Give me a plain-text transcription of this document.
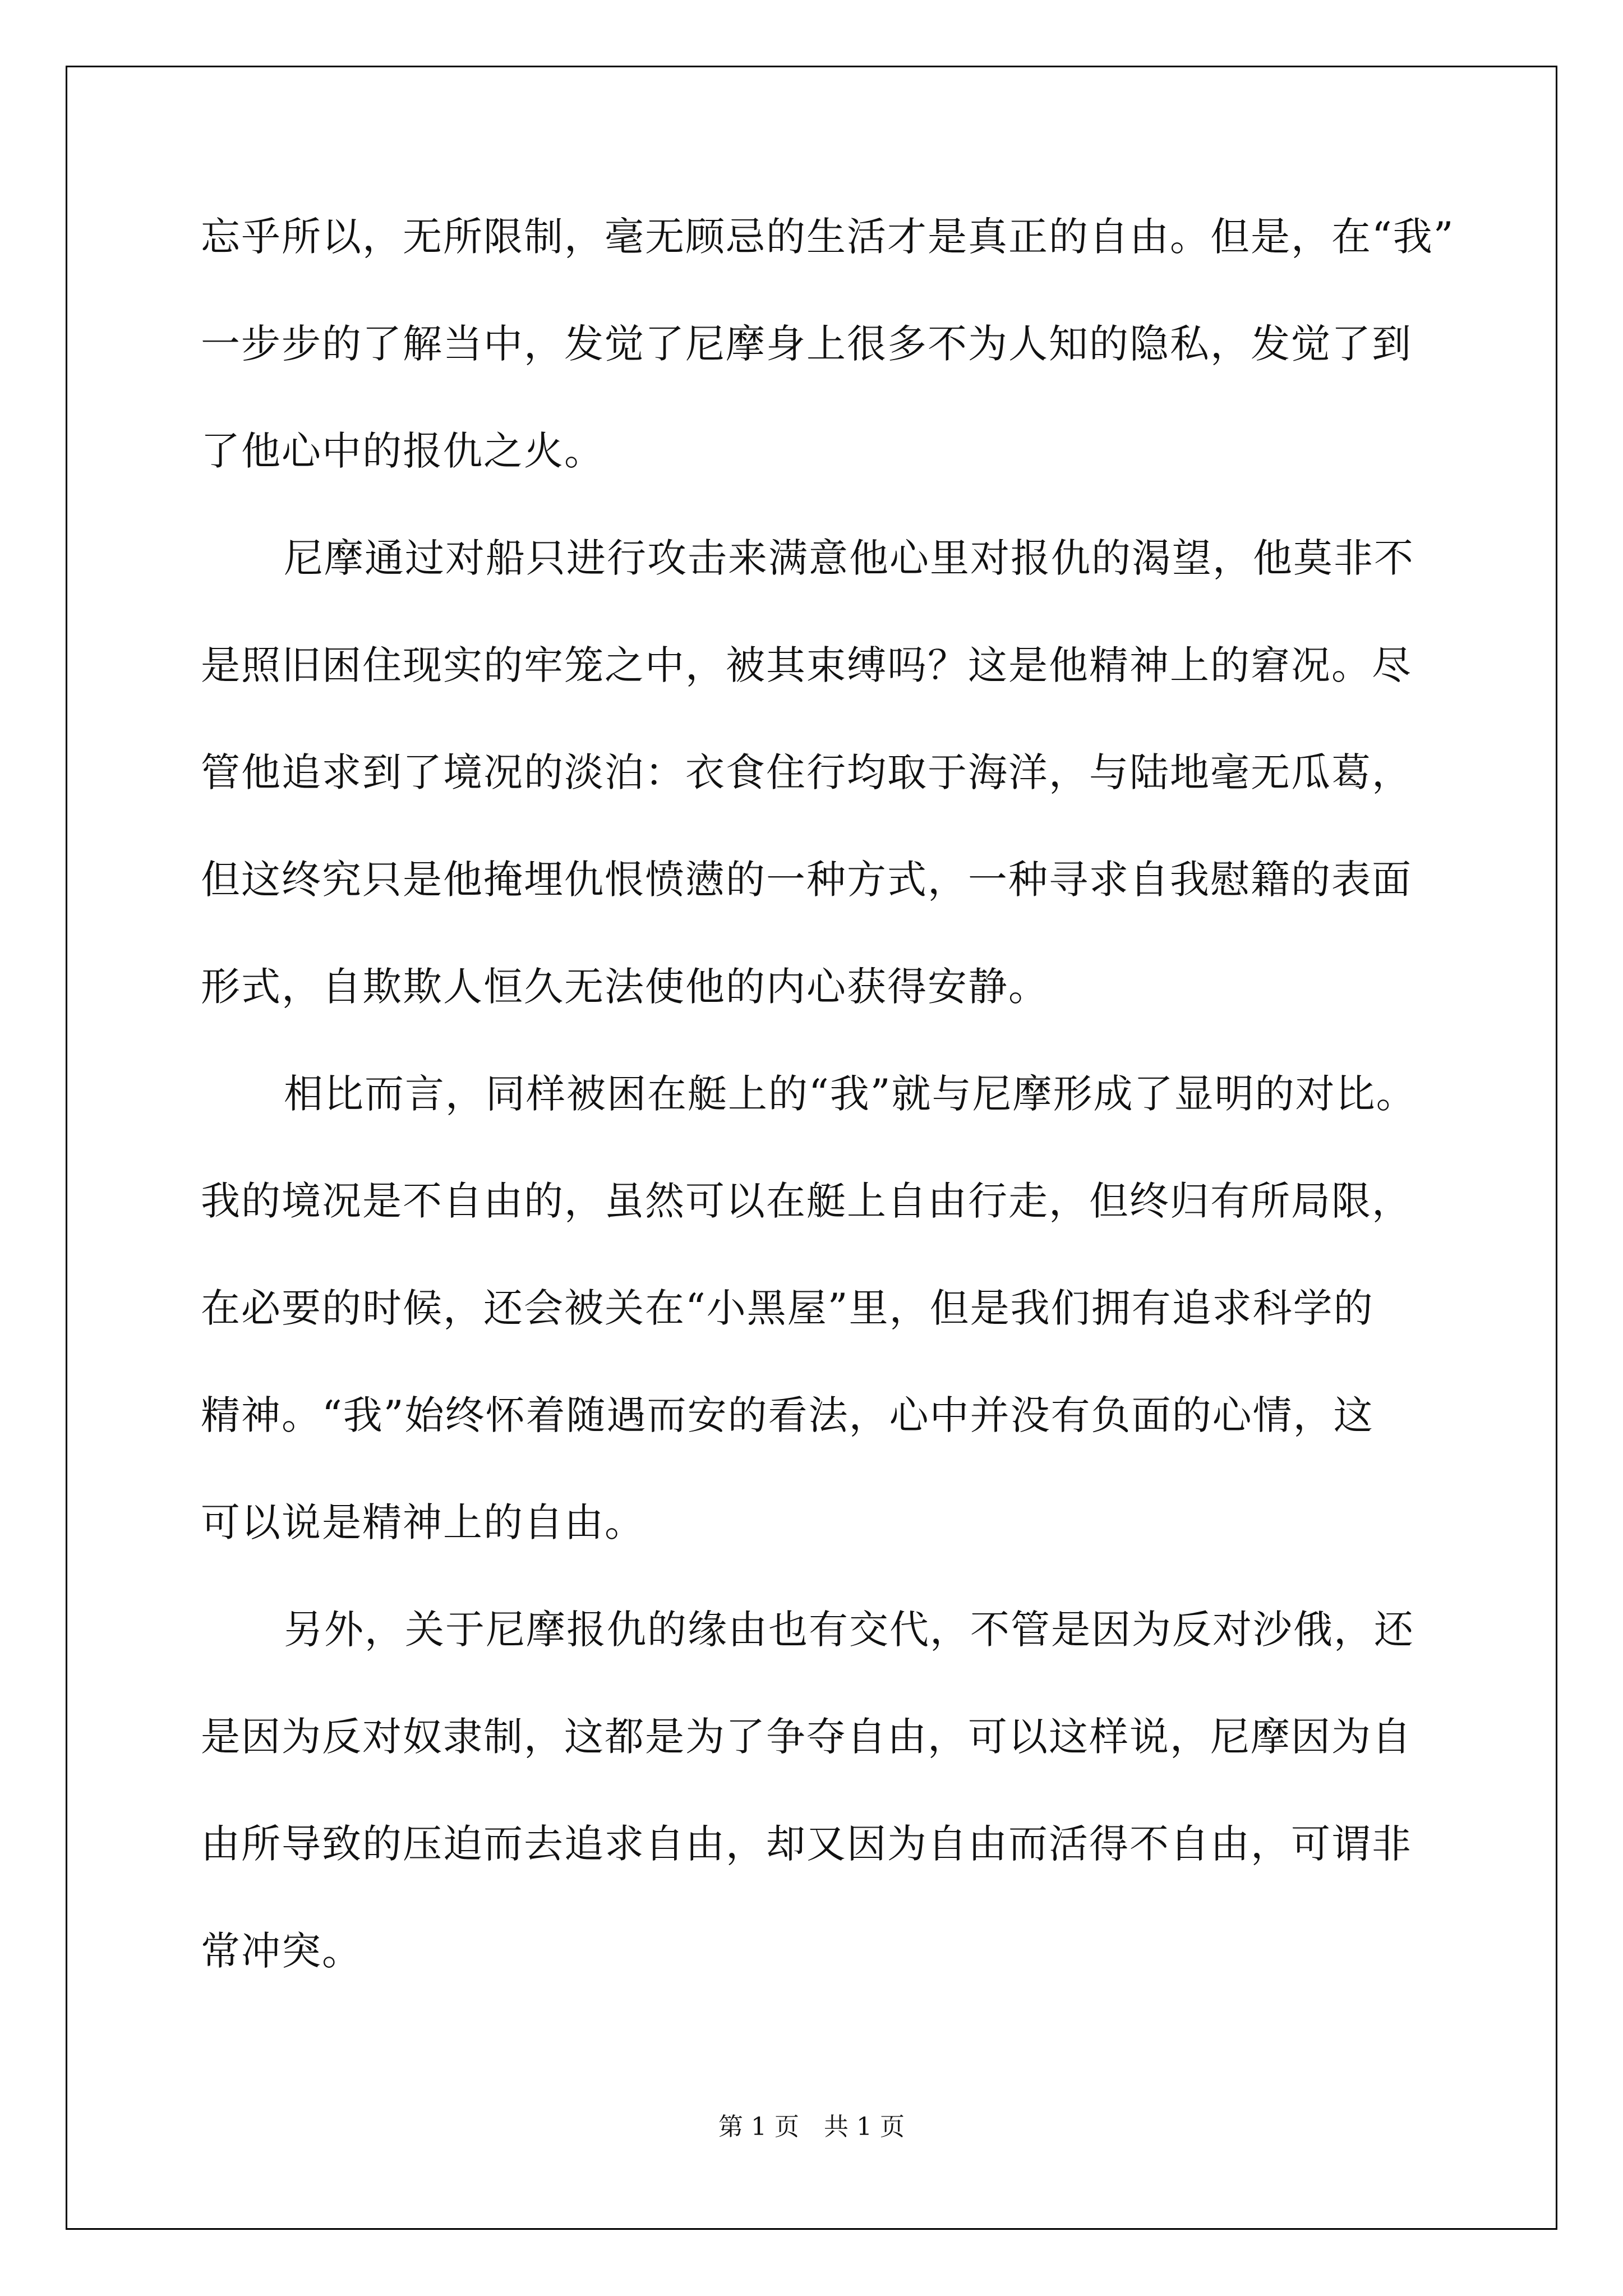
忘乎所以，无所限制，毫无顾忌的生活才是真正的自由。但是，在“我”
一步步的了解当中，发觉了尼摩身上很多不为人知的隐私，发觉了到
了他心中的报仇之火。
尼摩通过对船只进行攻击来满意他心里对报仇的渴望，他莫非不
是照旧困住现实的牢笼之中，被其束缚吗？这是他精神上的窘况。尽
管他追求到了境况的淡泊：衣食住行均取于海洋，与陆地毫无瓜葛，
但这终究只是他掩埋仇恨愤懑的一种方式，一种寻求自我慰籍的表面
形式，自欺欺人恒久无法使他的内心获得安静。
相比而言，同样被困在艇上的“我”就与尼摩形成了显明的对比。
我的境况是不自由的，虽然可以在艇上自由行走，但终归有所局限，
在必要的时候，还会被关在“小黑屋”里，但是我们拥有追求科学的
精神。“我”始终怀着随遇而安的看法，心中并没有负面的心情，这
可以说是精神上的自由。
另外，关于尼摩报仇的缘由也有交代，不管是因为反对沙俄，还
是因为反对奴隶制，这都是为了争夺自由，可以这样说，尼摩因为自
由所导致的压迫而去追求自由，却又因为自由而活得不自由，可谓非
常冲突。
第 1 页　共 1 页
